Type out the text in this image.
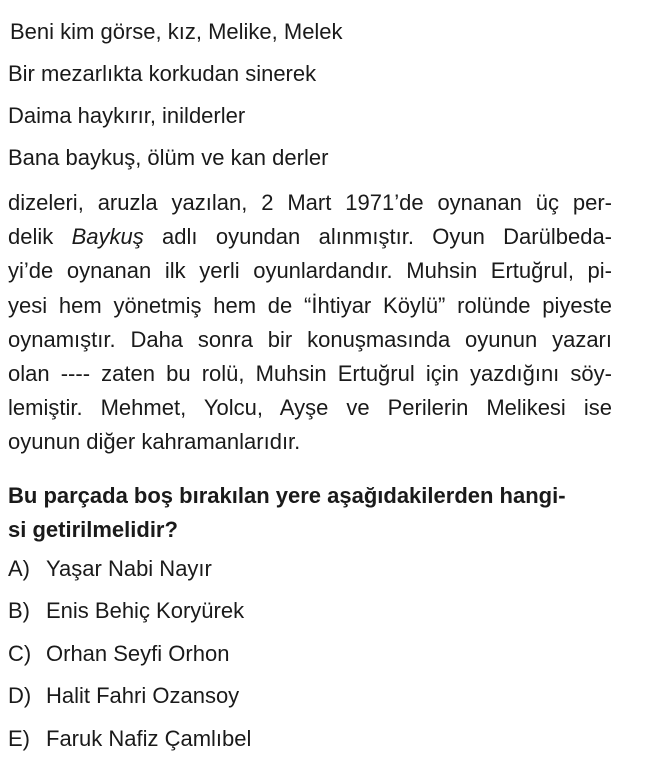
Beni kim görse, kız, Melike, Melek
Bir mezarlıkta korkudan sinerek
Daima haykırır, inilderler
Bana baykuş, ölüm ve kan derler
dizeleri, aruzla yazılan, 2 Mart 1971’de oynanan üç per-
delik Baykuş adlı oyundan alınmıştır. Oyun Darülbeda-
yi’de oynanan ilk yerli oyunlardandır. Muhsin Ertuğrul, pi-
yesi hem yönetmiş hem de “İhtiyar Köylü” rolünde piyeste
oynamıştır. Daha sonra bir konuşmasında oyunun yazarı
olan ---- zaten bu rolü, Muhsin Ertuğrul için yazdığını söy-
lemiştir. Mehmet, Yolcu, Ayşe ve Perilerin Melikesi ise
oyunun diğer kahramanlarıdır.
Bu parçada boş bırakılan yere aşağıdakilerden hangi-
si getirilmelidir?
A) Yaşar Nabi Nayır
B) Enis Behiç Koryürek
C) Orhan Seyfi Orhon
D) Halit Fahri Ozansoy
E) Faruk Nafiz Çamlıbel
